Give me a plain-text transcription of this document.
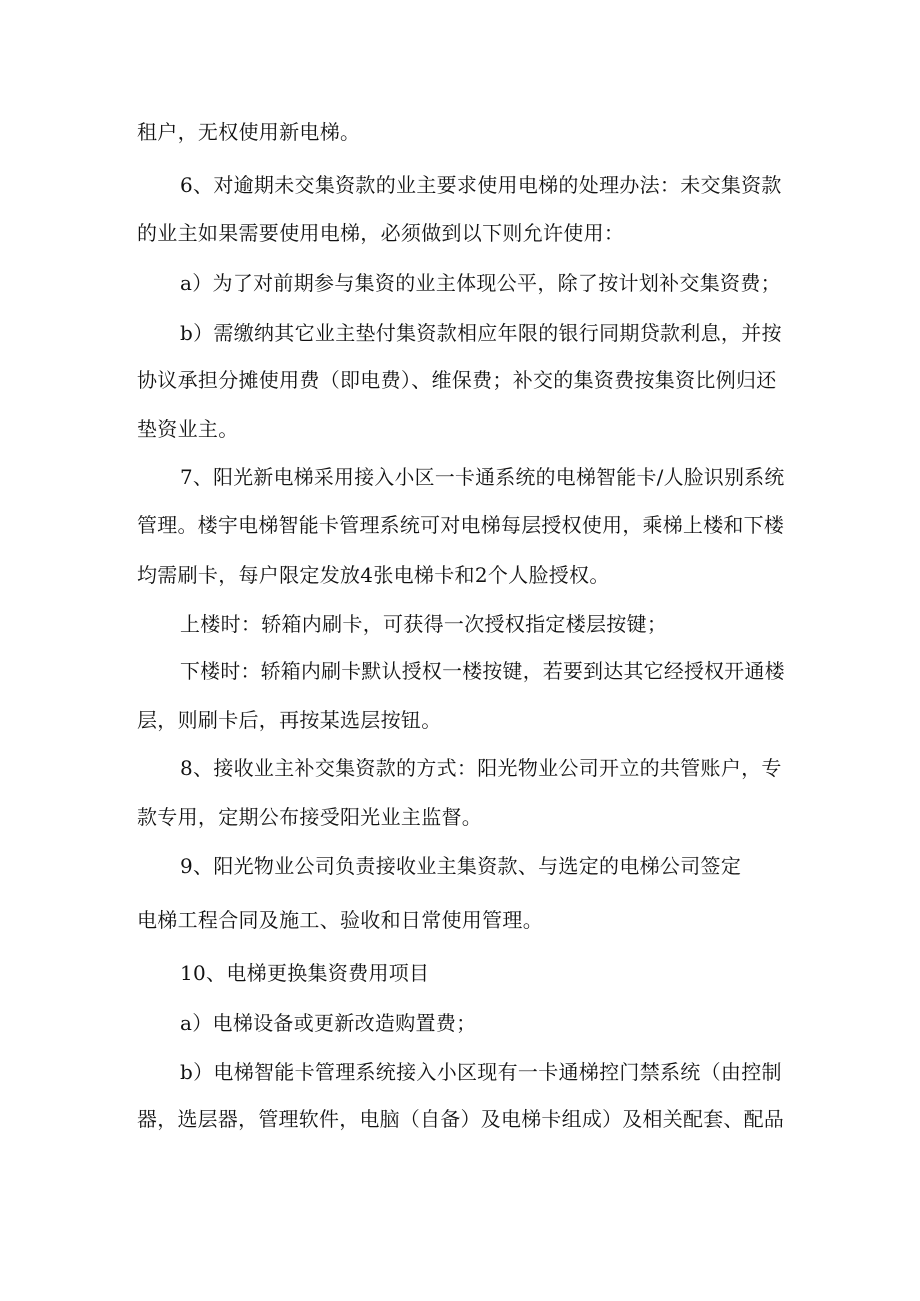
租户，无权使用新电梯。
6、对逾期未交集资款的业主要求使用电梯的处理办法：未交集资款
的业主如果需要使用电梯，必须做到以下则允许使用：
a）为了对前期参与集资的业主体现公平，除了按计划补交集资费；
b）需缴纳其它业主垫付集资款相应年限的银行同期贷款利息，并按
协议承担分摊使用费（即电费）、维保费；补交的集资费按集资比例归还
垫资业主。
7、阳光新电梯采用接入小区一卡通系统的电梯智能卡/人脸识别系统
管理。楼宇电梯智能卡管理系统可对电梯每层授权使用，乘梯上楼和下楼
均需刷卡，每户限定发放4张电梯卡和2个人脸授权。
上楼时：轿箱内刷卡，可获得一次授权指定楼层按键；
下楼时：轿箱内刷卡默认授权一楼按键，若要到达其它经授权开通楼
层，则刷卡后，再按某选层按钮。
8、接收业主补交集资款的方式：阳光物业公司开立的共管账户，专
款专用，定期公布接受阳光业主监督。
9、阳光物业公司负责接收业主集资款、与选定的电梯公司签定
电梯工程合同及施工、验收和日常使用管理。
10、电梯更换集资费用项目
a）电梯设备或更新改造购置费；
b）电梯智能卡管理系统接入小区现有一卡通梯控门禁系统（由控制
器，选层器，管理软件，电脑（自备）及电梯卡组成）及相关配套、配品
